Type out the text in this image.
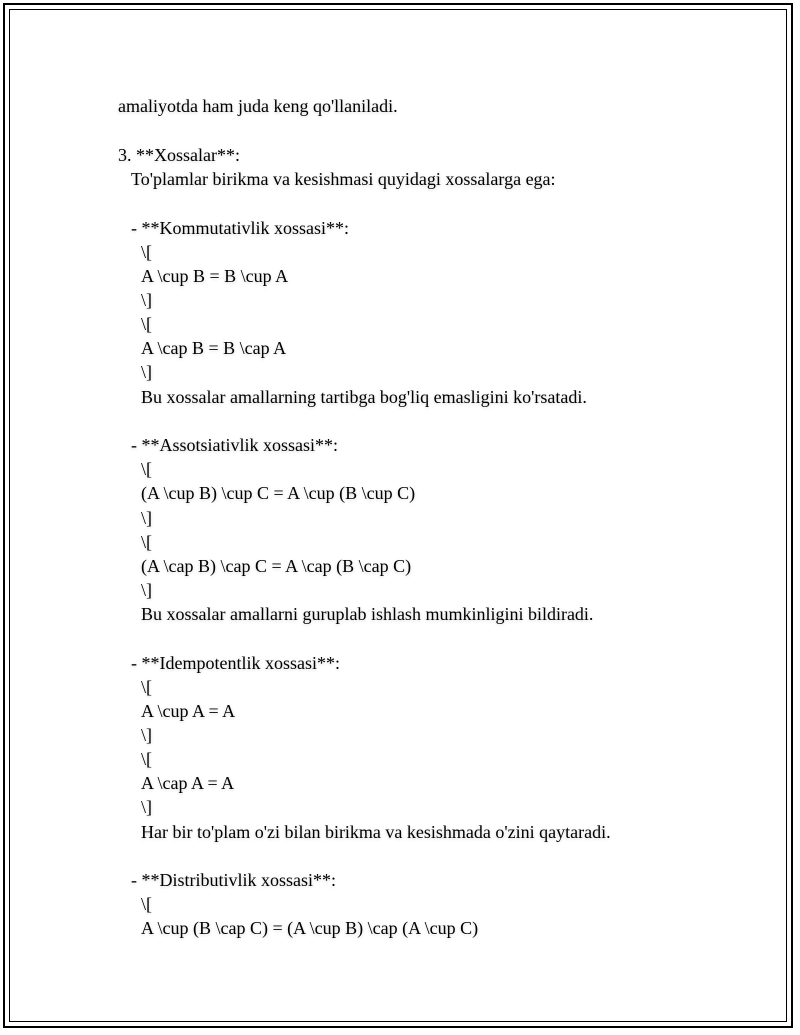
amaliyotda ham juda keng qo'llaniladi.
3. **Xossalar**:
To'plamlar birikma va kesishmasi quyidagi xossalarga ega:
- **Kommutativlik xossasi**:
\[
A \cup B = B \cup A
\]
\[
A \cap B = B \cap A
\]
Bu xossalar amallarning tartibga bog'liq emasligini ko'rsatadi.
- **Assotsiativlik xossasi**:
\[
(A \cup B) \cup C = A \cup (B \cup C)
\]
\[
(A \cap B) \cap C = A \cap (B \cap C)
\]
Bu xossalar amallarni guruplab ishlash mumkinligini bildiradi.
- **Idempotentlik xossasi**:
\[
A \cup A = A
\]
\[
A \cap A = A
\]
Har bir to'plam o'zi bilan birikma va kesishmada o'zini qaytaradi.
- **Distributivlik xossasi**:
\[
A \cup (B \cap C) = (A \cup B) \cap (A \cup C)
